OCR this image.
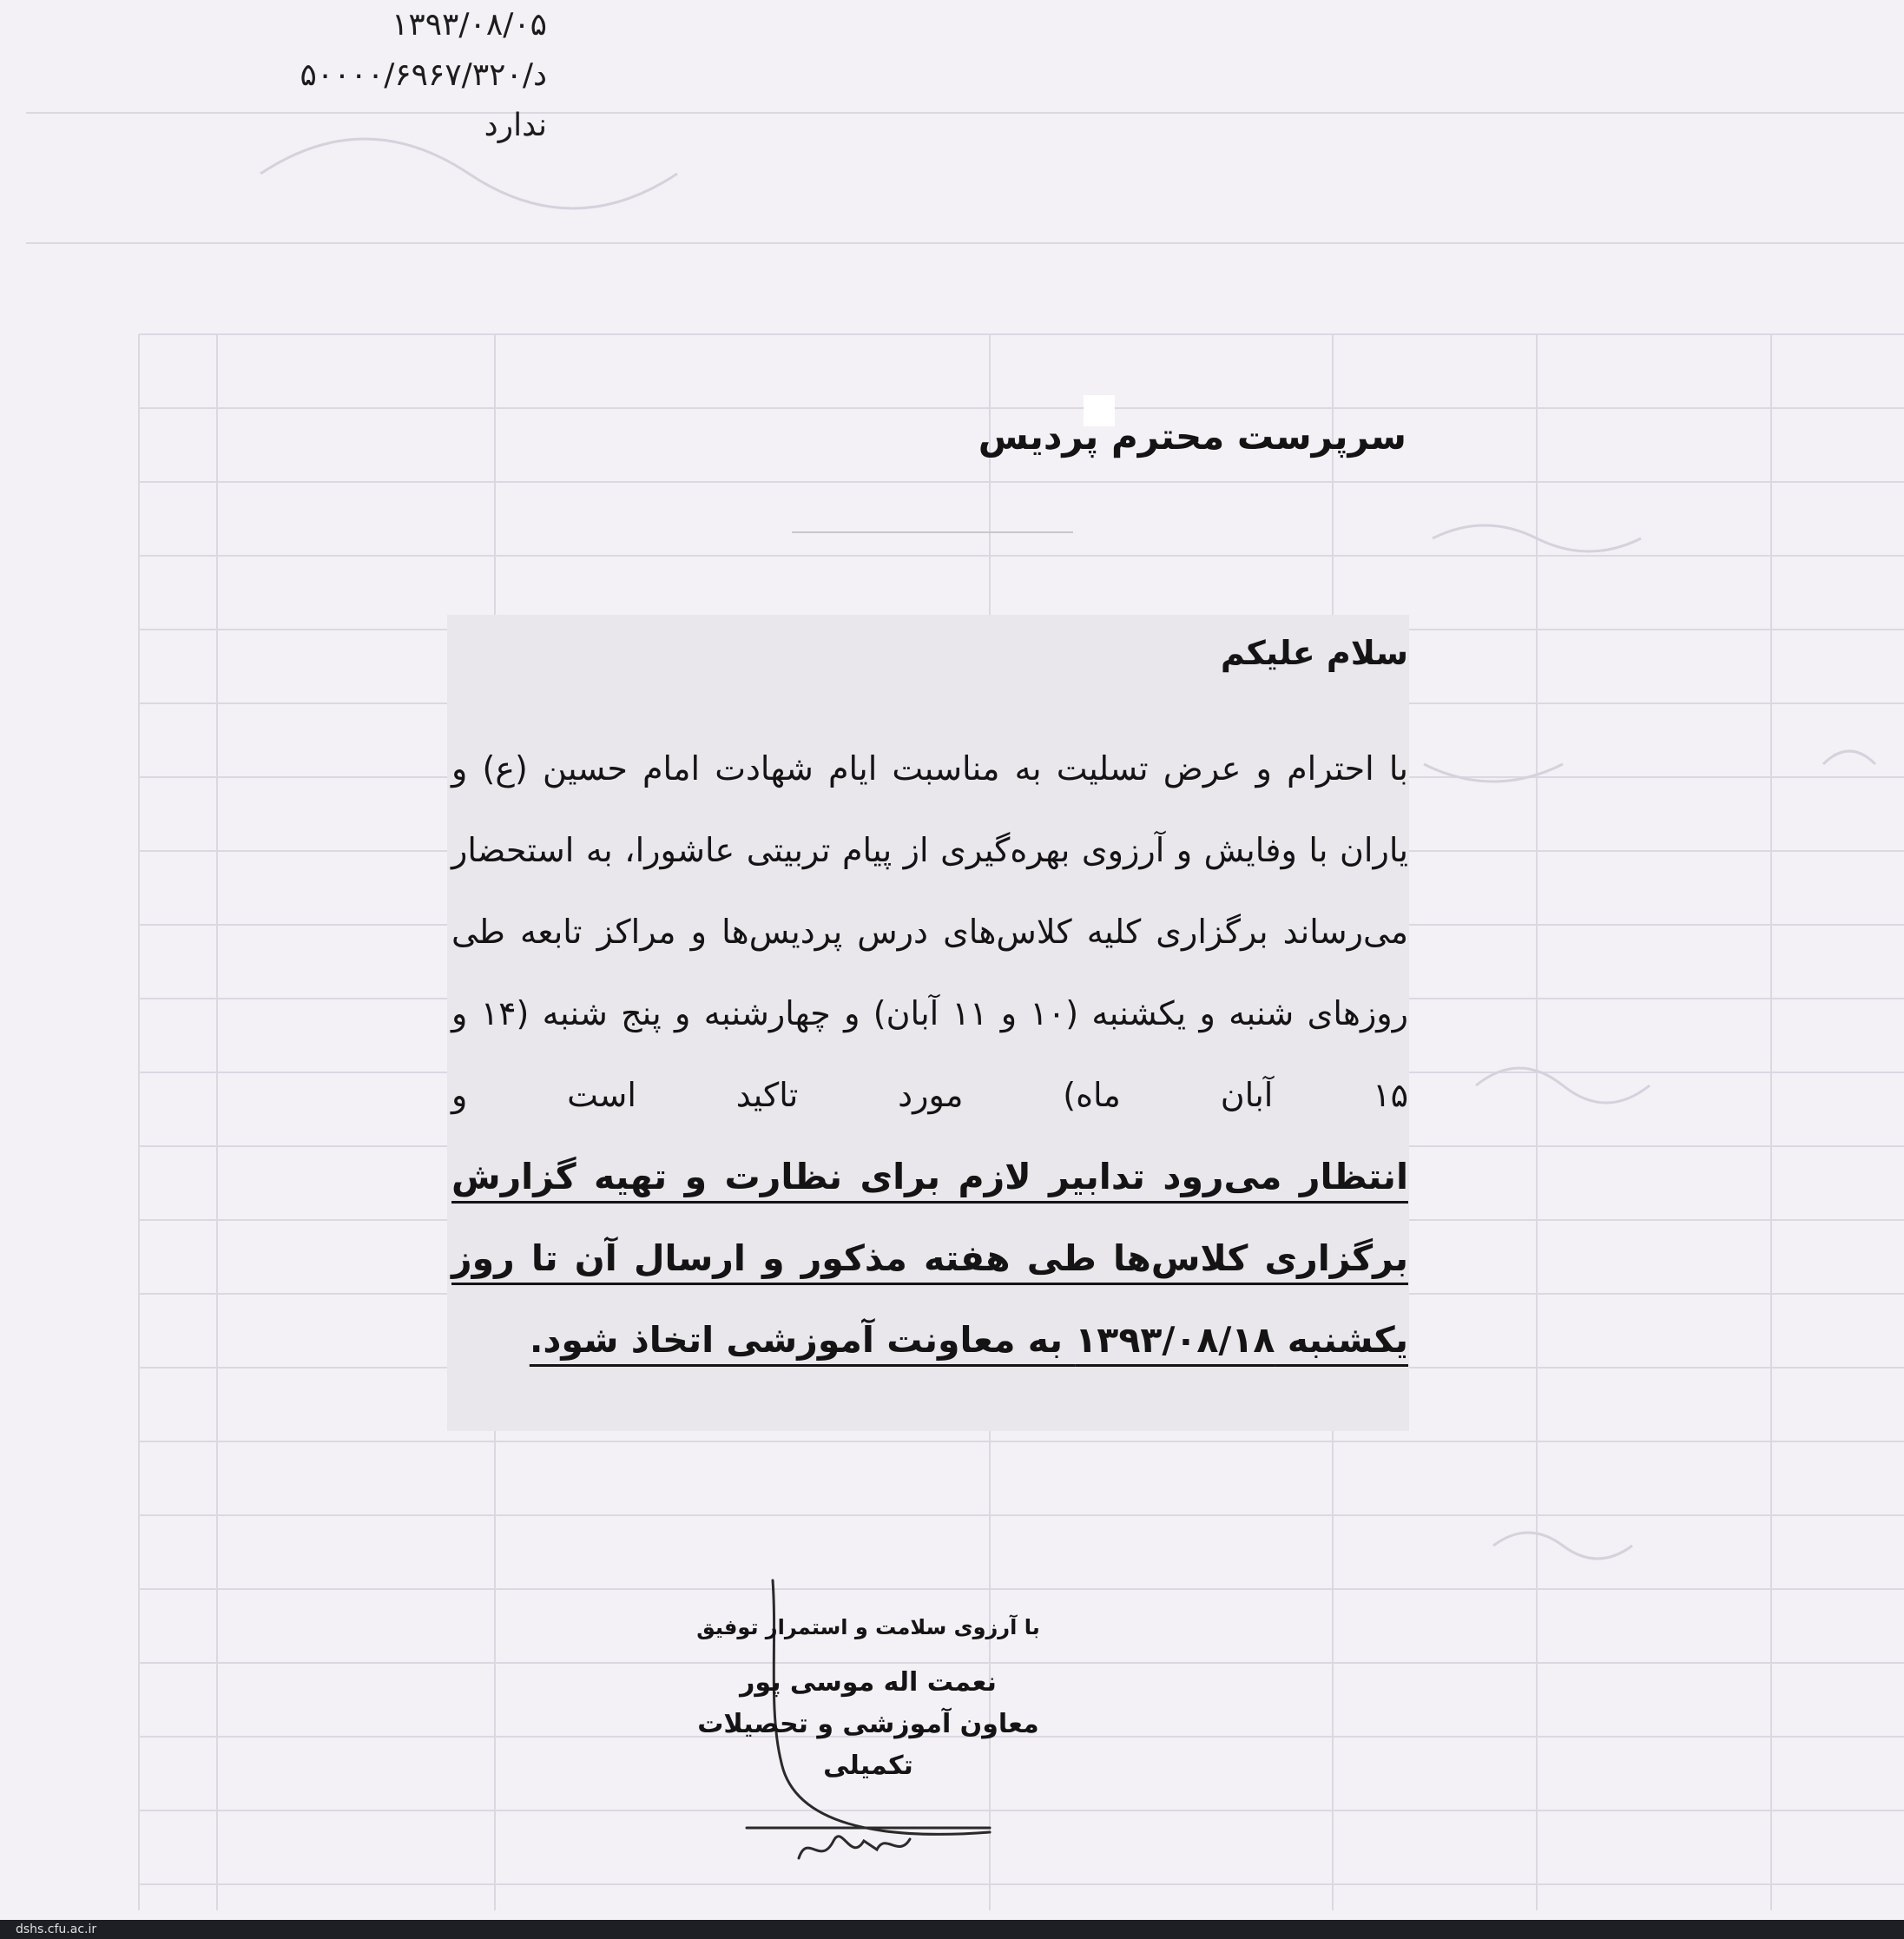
۱۳۹۳/۰۸/۰۵
د/۵۰۰۰۰/۶۹۶۷/۳۲۰
ندارد
سرپرست محترم پردیس
سلام علیکم
با احترام و عرض تسلیت به مناسبت ایام شهادت امام حسین (ع) و یاران با وفایش و آرزوی بهره‌گیری از پیام تربیتی عاشورا، به استحضار می‌رساند برگزاری کلیه کلاس‌های درس پردیس‌ها و مراکز تابعه طی روزهای شنبه و یکشنبه (۱۰ و ۱۱ آبان) و چهارشنبه و پنج شنبه (۱۴ و ۱۵ آبان ماه) مورد تاکید است و
انتظار می‌رود تدابیر لازم برای نظارت و تهیه گزارش برگزاری کلاس‌ها طی هفته مذکور و ارسال آن تا روز یکشنبه ۱۳۹۳/۰۸/۱۸ به معاونت آموزشی اتخاذ شود.
با آرزوی سلامت و استمرار توفیق
نعمت اله موسی پور
معاون آموزشی و تحصیلات تکمیلی
dshs.cfu.ac.ir
